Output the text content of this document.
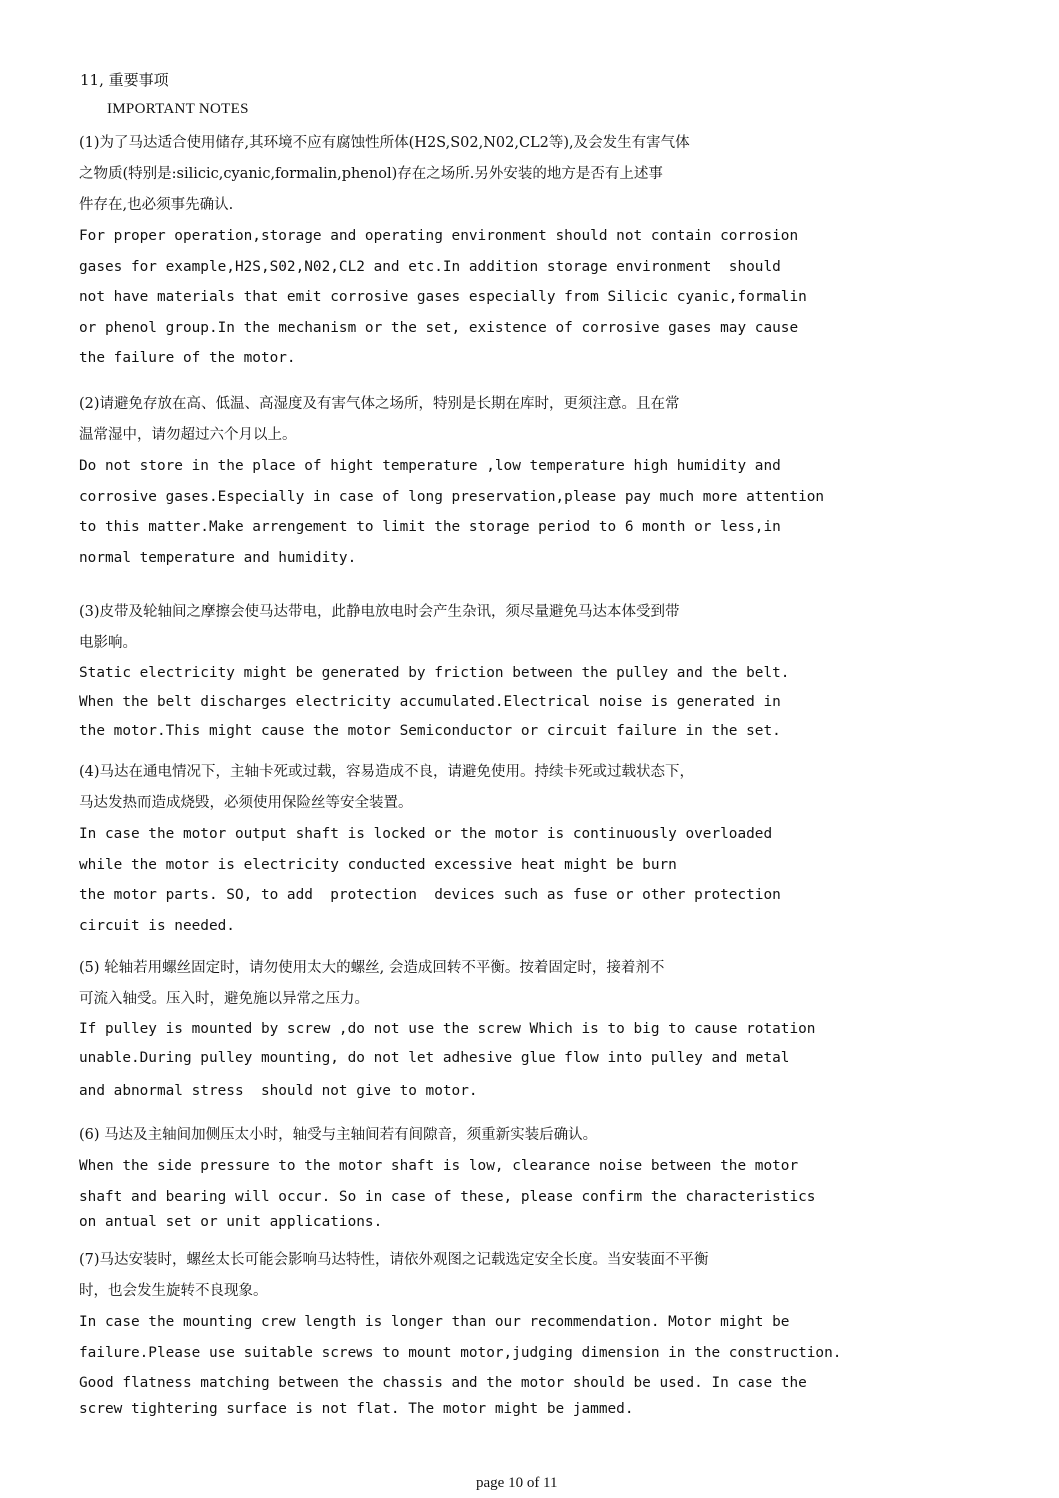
11, 重要事项
IMPORTANT NOTES

(1)为了马达适合使用储存,其环境不应有腐蚀性所体(H2S,S02,N02,CL2等),及会发生有害气体

之物质(特别是:silicic,cyanic,formalin,phenol)存在之场所.另外安装的地方是否有上述事

件存在,也必须事先确认.

For proper operation,storage and operating environment should not contain corrosion

gases for example,H2S,S02,N02,CL2 and etc.In addition storage environment  should

not have materials that emit corrosive gases especially from Silicic cyanic,formalin

or phenol group.In the mechanism or the set, existence of corrosive gases may cause

the failure of the motor.

(2)请避免存放在高、低温、高湿度及有害气体之场所，特别是长期在库时，更须注意。且在常

温常湿中，请勿超过六个月以上。

Do not store in the place of hight temperature ,low temperature high humidity and

corrosive gases.Especially in case of long preservation,please pay much more attention

to this matter.Make arrengement to limit the storage period to 6 month or less,in

normal temperature and humidity.

(3)皮带及轮轴间之摩擦会使马达带电，此静电放电时会产生杂讯，须尽量避免马达本体受到带

电影响。

Static electricity might be generated by friction between the pulley and the belt.

When the belt discharges electricity accumulated.Electrical noise is generated in

the motor.This might cause the motor Semiconductor or circuit failure in the set.

(4)马达在通电情况下，主轴卡死或过载，容易造成不良，请避免使用。持续卡死或过载状态下，

马达发热而造成烧毁，必须使用保险丝等安全装置。

In case the motor output shaft is locked or the motor is continuously overloaded

while the motor is electricity conducted excessive heat might be burn

the motor parts. SO, to add  protection  devices such as fuse or other protection

circuit is needed.

(5) 轮轴若用螺丝固定时，请勿使用太大的螺丝, 会造成回转不平衡。按着固定时，接着剂不

可流入轴受。压入时，避免施以异常之压力。

If pulley is mounted by screw ,do not use the screw Which is to big to cause rotation

unable.During pulley mounting, do not let adhesive glue flow into pulley and metal

and abnormal stress  should not give to motor.

(6) 马达及主轴间加侧压太小时，轴受与主轴间若有间隙音，须重新实装后确认。

When the side pressure to the motor shaft is low, clearance noise between the motor

shaft and bearing will occur. So in case of these, please confirm the characteristics

on antual set or unit applications.

(7)马达安装时，螺丝太长可能会影响马达特性，请依外观图之记载选定安全长度。当安装面不平衡

时，也会发生旋转不良现象。

In case the mounting crew length is longer than our recommendation. Motor might be

failure.Please use suitable screws to mount motor,judging dimension in the construction.

Good flatness matching between the chassis and the motor should be used. In case the

screw tightering surface is not flat. The motor might be jammed.

page 10 of 11
